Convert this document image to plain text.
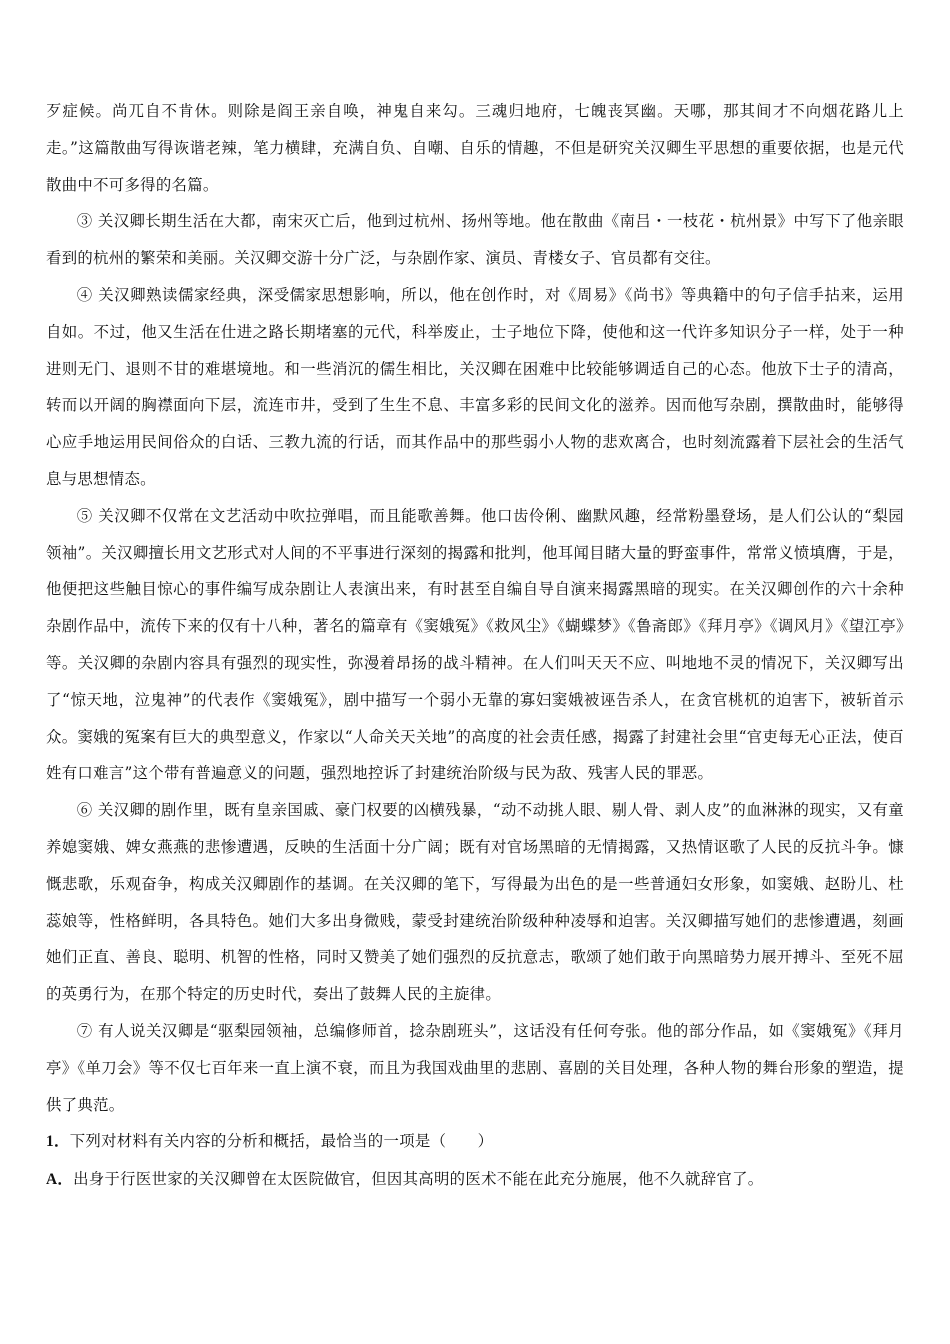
歹症候。尚兀自不肯休。则除是阎王亲自唤，神鬼自来勾。三魂归地府，七魄丧冥幽。天哪，那其间才不向烟花路儿上走。”这篇散曲写得诙谐老辣，笔力横肆，充满自负、自嘲、自乐的情趣，不但是研究关汉卿生平思想的重要依据，也是元代散曲中不可多得的名篇。

③ 关汉卿长期生活在大都，南宋灭亡后，他到过杭州、扬州等地。他在散曲《南吕・一枝花・杭州景》中写下了他亲眼看到的杭州的繁荣和美丽。关汉卿交游十分广泛，与杂剧作家、演员、青楼女子、官员都有交往。

④ 关汉卿熟读儒家经典，深受儒家思想影响，所以，他在创作时，对《周易》《尚书》等典籍中的句子信手拈来，运用自如。不过，他又生活在仕进之路长期堵塞的元代，科举废止，士子地位下降，使他和这一代许多知识分子一样，处于一种进则无门、退则不甘的难堪境地。和一些消沉的儒生相比，关汉卿在困难中比较能够调适自己的心态。他放下士子的清高，转而以开阔的胸襟面向下层，流连市井，受到了生生不息、丰富多彩的民间文化的滋养。因而他写杂剧，撰散曲时，能够得心应手地运用民间俗众的白话、三教九流的行话，而其作品中的那些弱小人物的悲欢离合，也时刻流露着下层社会的生活气息与思想情态。

⑤ 关汉卿不仅常在文艺活动中吹拉弹唱，而且能歌善舞。他口齿伶俐、幽默风趣，经常粉墨登场，是人们公认的“梨园领袖”。关汉卿擅长用文艺形式对人间的不平事进行深刻的揭露和批判，他耳闻目睹大量的野蛮事件，常常义愤填膺，于是，他便把这些触目惊心的事件编写成杂剧让人表演出来，有时甚至自编自导自演来揭露黑暗的现实。在关汉卿创作的六十余种杂剧作品中，流传下来的仅有十八种，著名的篇章有《窦娥冤》《救风尘》《蝴蝶梦》《鲁斋郎》《拜月亭》《调风月》《望江亭》等。关汉卿的杂剧内容具有强烈的现实性，弥漫着昂扬的战斗精神。在人们叫天天不应、叫地地不灵的情况下，关汉卿写出了“惊天地，泣鬼神”的代表作《窦娥冤》，剧中描写一个弱小无靠的寡妇窦娥被诬告杀人，在贪官桃杌的迫害下，被斩首示众。窦娥的冤案有巨大的典型意义，作家以“人命关天关地”的高度的社会责任感，揭露了封建社会里“官吏每无心正法，使百姓有口难言”这个带有普遍意义的问题，强烈地控诉了封建统治阶级与民为敌、残害人民的罪恶。

⑥ 关汉卿的剧作里，既有皇亲国戚、豪门权要的凶横残暴，“动不动挑人眼、剔人骨、剥人皮”的血淋淋的现实，又有童养媳窦娥、婢女燕燕的悲惨遭遇，反映的生活面十分广阔；既有对官场黑暗的无情揭露，又热情讴歌了人民的反抗斗争。慷慨悲歌，乐观奋争，构成关汉卿剧作的基调。在关汉卿的笔下，写得最为出色的是一些普通妇女形象，如窦娥、赵盼儿、杜蕊娘等，性格鲜明，各具特色。她们大多出身微贱，蒙受封建统治阶级种种凌辱和迫害。关汉卿描写她们的悲惨遭遇，刻画她们正直、善良、聪明、机智的性格，同时又赞美了她们强烈的反抗意志，歌颂了她们敢于向黑暗势力展开搏斗、至死不屈的英勇行为，在那个特定的历史时代，奏出了鼓舞人民的主旋律。

⑦ 有人说关汉卿是“驱梨园领袖，总编修师首，捻杂剧班头”，这话没有任何夸张。他的部分作品，如《窦娥冤》《拜月亭》《单刀会》等不仅七百年来一直上演不衰，而且为我国戏曲里的悲剧、喜剧的关目处理，各种人物的舞台形象的塑造，提供了典范。

1．下列对材料有关内容的分析和概括，最恰当的一项是（　　）

A．出身于行医世家的关汉卿曾在太医院做官，但因其高明的医术不能在此充分施展，他不久就辞官了。
